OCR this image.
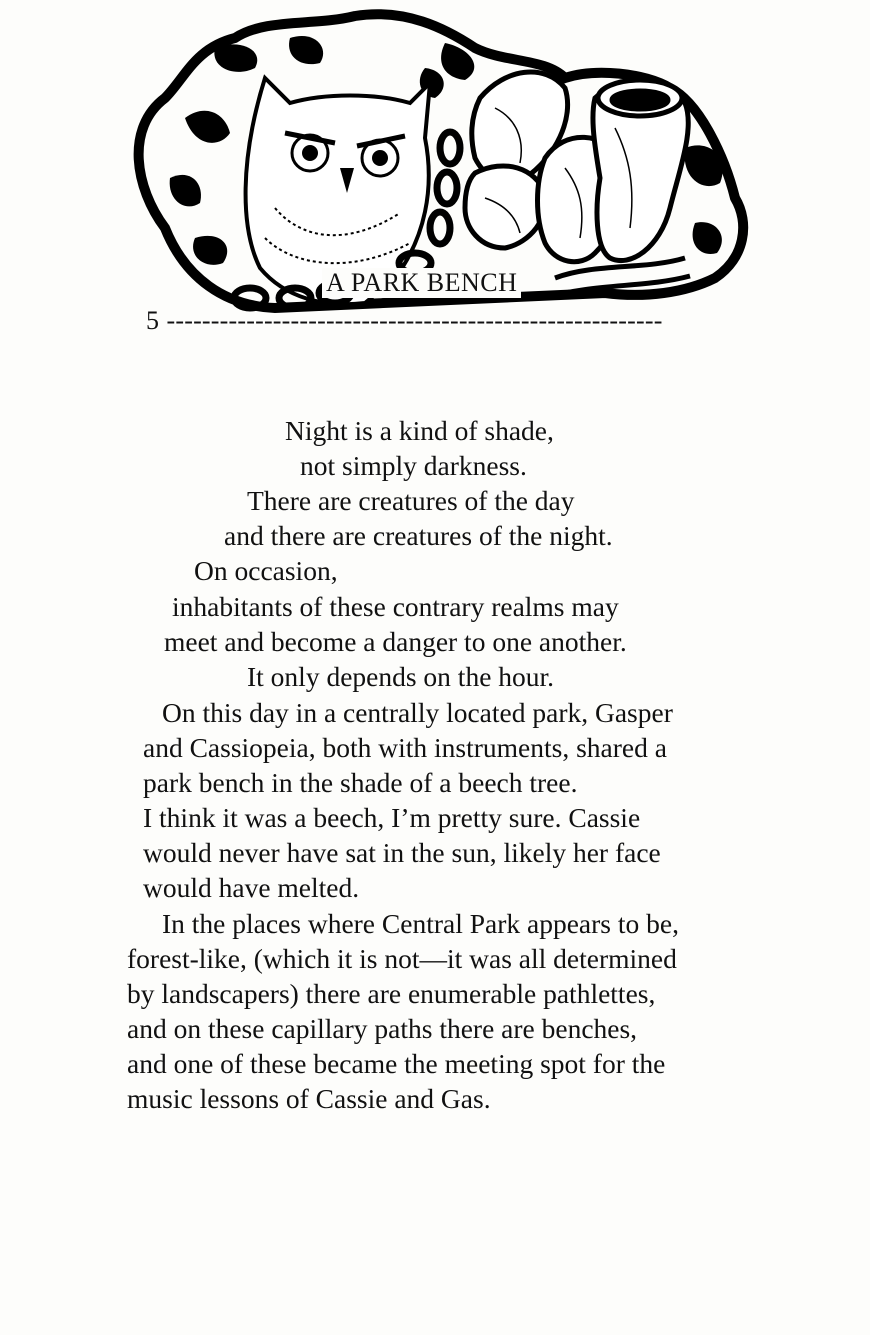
A PARK BENCH
5 --------------------------------------------------------
Night is a kind of shade,
not simply darkness.
There are creatures of the day
and there are creatures of the night.
On occasion,
inhabitants of these contrary realms may
meet and become a danger to one another.
It only depends on the hour.
On this day in a centrally located park, Gasper
and Cassiopeia, both with instruments, shared a
park bench in the shade of a beech tree.
I think it was a beech, I’m pretty sure. Cassie
would never have sat in the sun, likely her face
would have melted.
In the places where Central Park appears to be,
forest-like, (which it is not—it was all determined
by landscapers) there are enumerable pathlettes,
and on these capillary paths there are benches,
and one of these became the meeting spot for the
music lessons of Cassie and Gas.
